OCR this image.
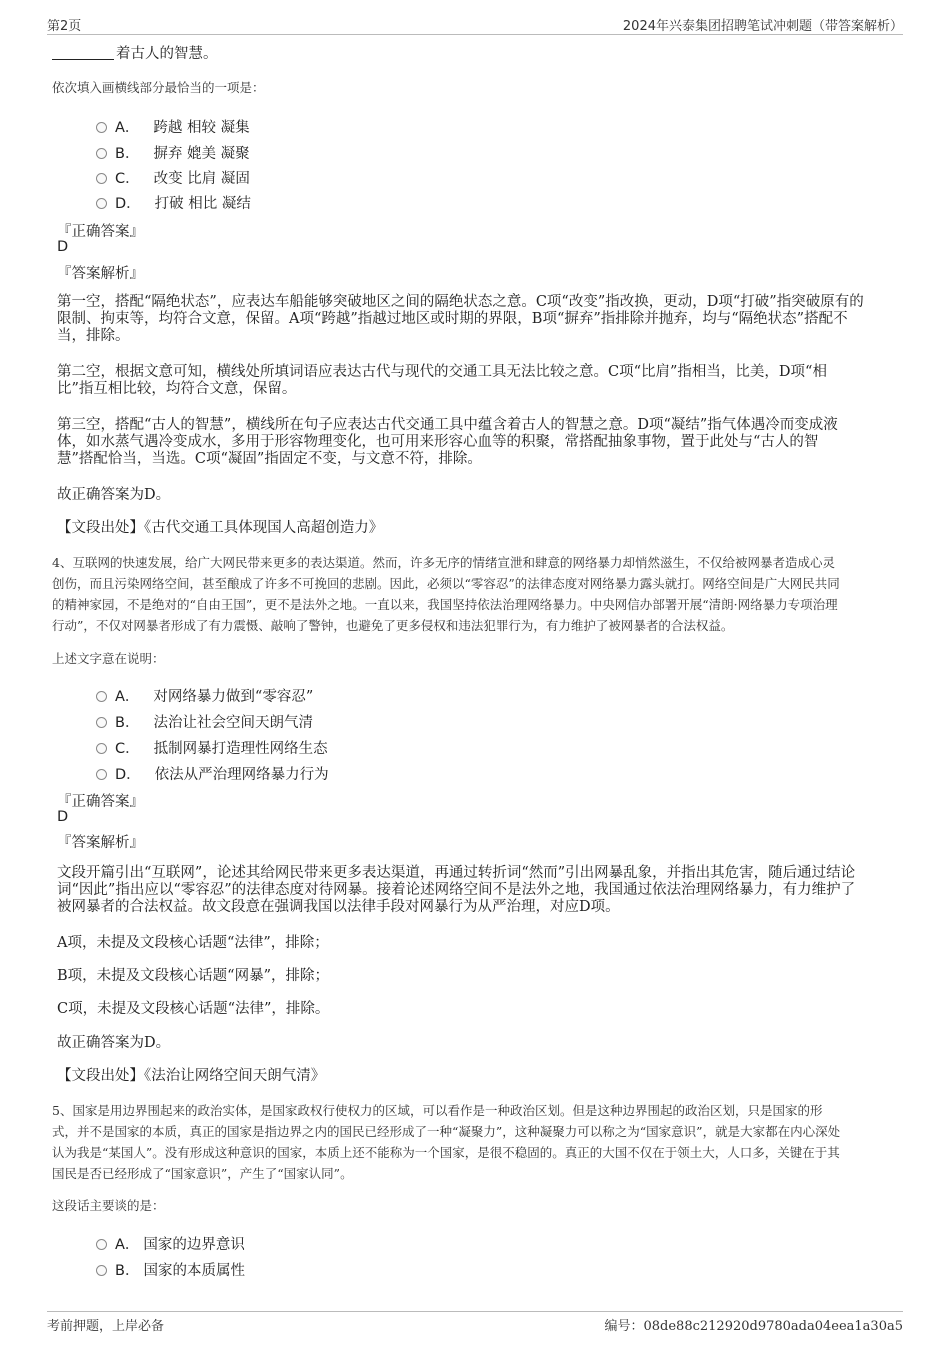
第2页	2024年兴泰集团招聘笔试冲刺题（带答案解析）
着古人的智慧。
依次填入画横线部分最恰当的一项是：
A． 跨越 相较 凝集
B． 摒弃 媲美 凝聚
C． 改变 比肩 凝固
D． 打破 相比 凝结
『正确答案』
D
『答案解析』
第一空，搭配“隔绝状态”，应表达车船能够突破地区之间的隔绝状态之意。C项“改变”指改换，更动，D项“打破”指突破原有的
限制、拘束等，均符合文意，保留。A项“跨越”指越过地区或时期的界限，B项“摒弃”指排除并抛弃，均与“隔绝状态”搭配不
当，排除。
第二空，根据文意可知，横线处所填词语应表达古代与现代的交通工具无法比较之意。C项“比肩”指相当，比美，D项“相
比”指互相比较，均符合文意，保留。
第三空，搭配“古人的智慧”，横线所在句子应表达古代交通工具中蕴含着古人的智慧之意。D项“凝结”指气体遇冷而变成液
体，如水蒸气遇冷变成水，多用于形容物理变化，也可用来形容心血等的积聚，常搭配抽象事物，置于此处与“古人的智
慧”搭配恰当，当选。C项“凝固”指固定不变，与文意不符，排除。
故正确答案为D。
【文段出处】《古代交通工具体现国人高超创造力》
4、互联网的快速发展，给广大网民带来更多的表达渠道。然而，许多无序的情绪宣泄和肆意的网络暴力却悄然滋生，不仅给被网暴者造成心灵
创伤，而且污染网络空间，甚至酿成了许多不可挽回的悲剧。因此，必须以“零容忍”的法律态度对网络暴力露头就打。网络空间是广大网民共同
的精神家园，不是绝对的“自由王国”，更不是法外之地。一直以来，我国坚持依法治理网络暴力。中央网信办部署开展“清朗·网络暴力专项治理
行动”，不仅对网暴者形成了有力震慑、敲响了警钟，也避免了更多侵权和违法犯罪行为，有力维护了被网暴者的合法权益。
上述文字意在说明：
A． 对网络暴力做到“零容忍”
B． 法治让社会空间天朗气清
C． 抵制网暴打造理性网络生态
D． 依法从严治理网络暴力行为
『正确答案』
D
『答案解析』
文段开篇引出“互联网”，论述其给网民带来更多表达渠道，再通过转折词“然而”引出网暴乱象，并指出其危害，随后通过结论
词“因此”指出应以“零容忍”的法律态度对待网暴。接着论述网络空间不是法外之地，我国通过依法治理网络暴力，有力维护了
被网暴者的合法权益。故文段意在强调我国以法律手段对网暴行为从严治理，对应D项。
A项，未提及文段核心话题“法律”，排除；
B项，未提及文段核心话题“网暴”，排除；
C项，未提及文段核心话题“法律”，排除。
故正确答案为D。
【文段出处】《法治让网络空间天朗气清》
5、国家是用边界围起来的政治实体，是国家政权行使权力的区域，可以看作是一种政治区划。但是这种边界围起的政治区划，只是国家的形
式，并不是国家的本质，真正的国家是指边界之内的国民已经形成了一种“凝聚力”，这种凝聚力可以称之为“国家意识”，就是大家都在内心深处
认为我是“某国人”。没有形成这种意识的国家，本质上还不能称为一个国家，是很不稳固的。真正的大国不仅在于领土大，人口多，关键在于其
国民是否已经形成了“国家意识”，产生了“国家认同”。
这段话主要谈的是：
A． 国家的边界意识
B． 国家的本质属性
考前押题，上岸必备	编号：08de88c212920d9780ada04eea1a30a5
